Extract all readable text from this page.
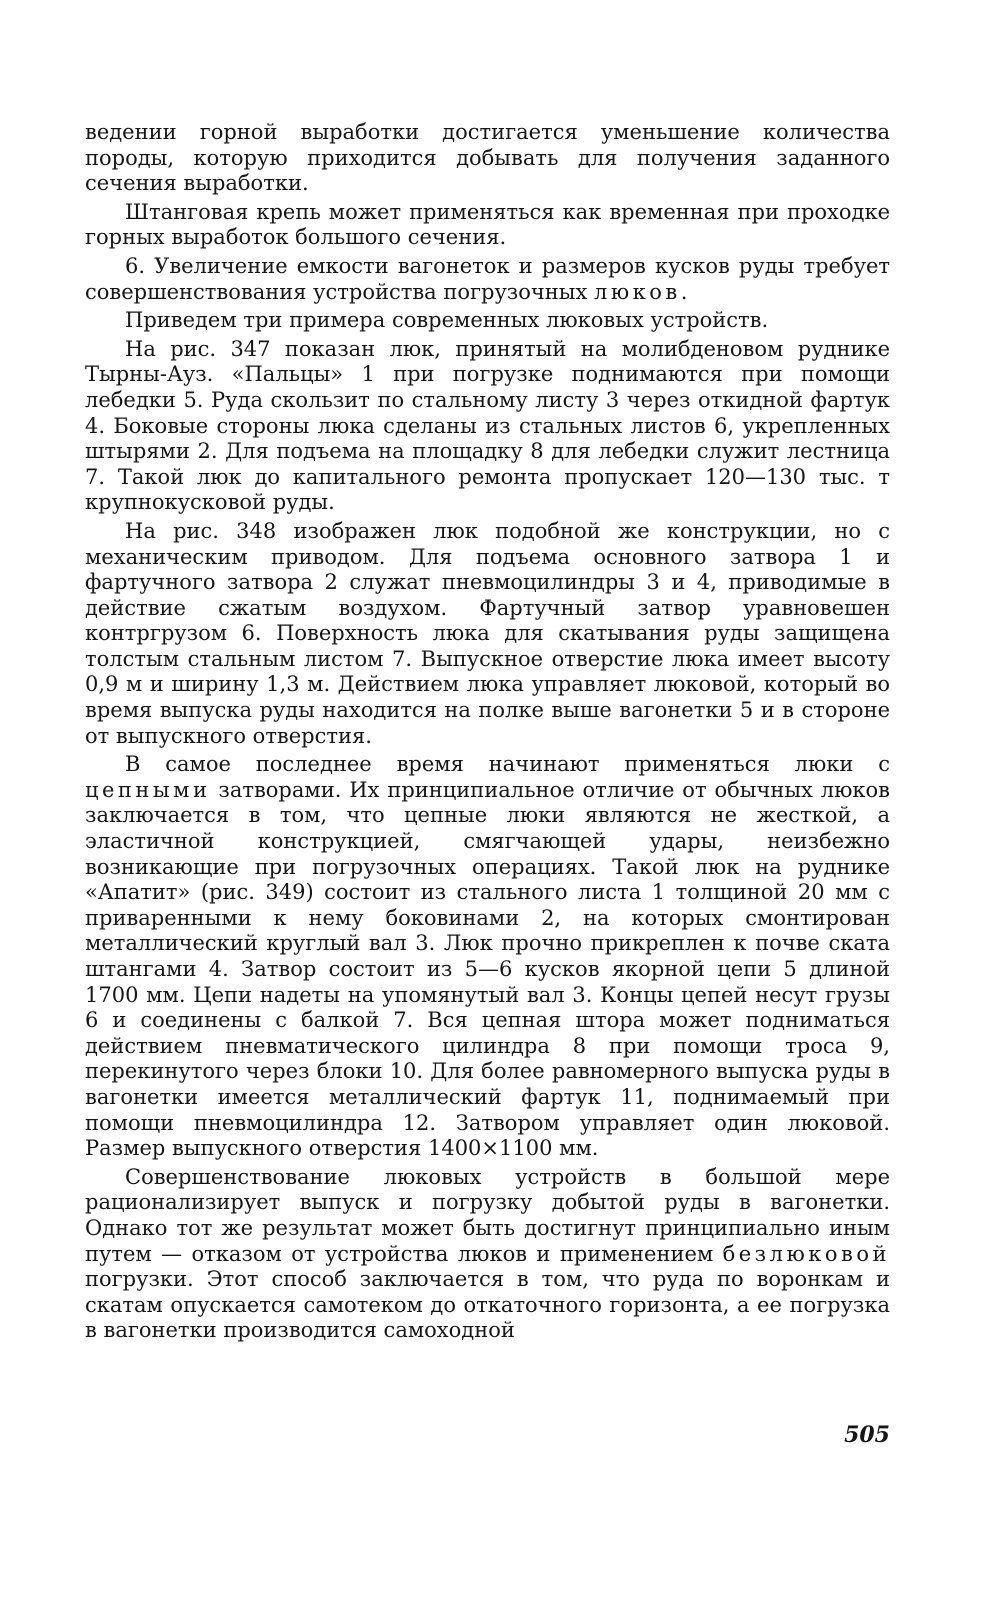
ведении горной выработки достигается уменьшение количества породы, которую приходится добывать для получения заданного сечения выработки.

Штанговая крепь может применяться как временная при проходке горных выработок большого сечения.

6. Увеличение емкости вагонеток и размеров кусков руды требует совершенствования устройства погрузочных люков.

Приведем три примера современных люковых устройств.

На рис. 347 показан люк, принятый на молибденовом руднике Тырны-Ауз. «Пальцы» 1 при погрузке поднимаются при помощи лебедки 5. Руда скользит по стальному листу 3 через откидной фартук 4. Боковые стороны люка сделаны из стальных листов 6, укрепленных штырями 2. Для подъема на площадку 8 для лебедки служит лестница 7. Такой люк до капитального ремонта пропускает 120—130 тыс. т крупнокусковой руды.

На рис. 348 изображен люк подобной же конструкции, но с механическим приводом. Для подъема основного затвора 1 и фартучного затвора 2 служат пневмоцилиндры 3 и 4, приводимые в действие сжатым воздухом. Фартучный затвор уравновешен контргрузом 6. Поверхность люка для скатывания руды защищена толстым стальным листом 7. Выпускное отверстие люка имеет высоту 0,9 м и ширину 1,3 м. Действием люка управляет люковой, который во время выпуска руды находится на полке выше вагонетки 5 и в стороне от выпускного отверстия.

В самое последнее время начинают применяться люки с цепными затворами. Их принципиальное отличие от обычных люков заключается в том, что цепные люки являются не жесткой, а эластичной конструкцией, смягчающей удары, неизбежно возникающие при погрузочных операциях. Такой люк на руднике «Апатит» (рис. 349) состоит из стального листа 1 толщиной 20 мм с приваренными к нему боковинами 2, на которых смонтирован металлический круглый вал 3. Люк прочно прикреплен к почве ската штангами 4. Затвор состоит из 5—6 кусков якорной цепи 5 длиной 1700 мм. Цепи надеты на упомянутый вал 3. Концы цепей несут грузы 6 и соединены с балкой 7. Вся цепная штора может подниматься действием пневматического цилиндра 8 при помощи троса 9, перекинутого через блоки 10. Для более равномерного выпуска руды в вагонетки имеется металлический фартук 11, поднимаемый при помощи пневмоцилиндра 12. Затвором управляет один люковой. Размер выпускного отверстия 1400×1100 мм.

Совершенствование люковых устройств в большой мере рационализирует выпуск и погрузку добытой руды в вагонетки. Однако тот же результат может быть достигнут принципиально иным путем — отказом от устройства люков и применением безлюковой погрузки. Этот способ заключается в том, что руда по воронкам и скатам опускается самотеком до откаточного горизонта, а ее погрузка в вагонетки производится самоходной

505
